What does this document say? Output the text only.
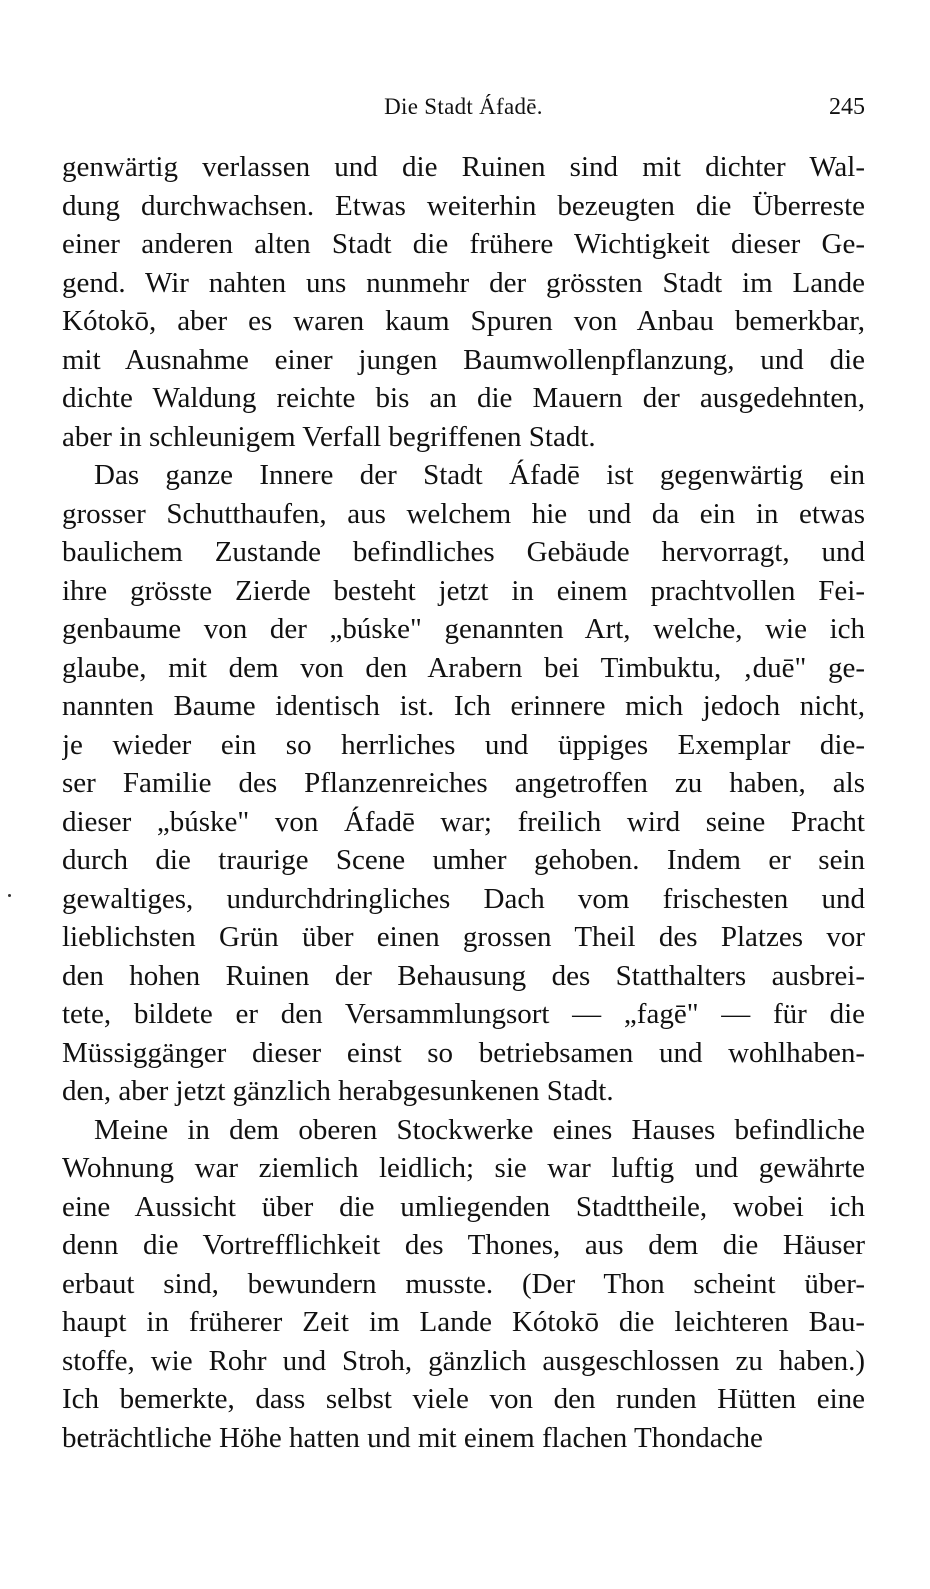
Die Stadt Áfadē.	245
genwärtig verlassen und die Ruinen sind mit dichter Wal-
dung durchwachsen. Etwas weiterhin bezeugten die Überreste
einer anderen alten Stadt die frühere Wichtigkeit dieser Ge-
gend. Wir nahten uns nunmehr der grössten Stadt im Lande
Kótokō, aber es waren kaum Spuren von Anbau bemerkbar,
mit Ausnahme einer jungen Baumwollenpflanzung, und die
dichte Waldung reichte bis an die Mauern der ausgedehnten,
aber in schleunigem Verfall begriffenen Stadt.
Das ganze Innere der Stadt Áfadē ist gegenwärtig ein
grosser Schutthaufen, aus welchem hie und da ein in etwas
baulichem Zustande befindliches Gebäude hervorragt, und
ihre grösste Zierde besteht jetzt in einem prachtvollen Fei-
genbaume von der „búske" genannten Art, welche, wie ich
glaube, mit dem von den Arabern bei Timbuktu, ‚duē" ge-
nannten Baume identisch ist. Ich erinnere mich jedoch nicht,
je wieder ein so herrliches und üppiges Exemplar die-
ser Familie des Pflanzenreiches angetroffen zu haben, als
dieser „búske" von Áfadē war; freilich wird seine Pracht
durch die traurige Scene umher gehoben. Indem er sein
gewaltiges, undurchdringliches Dach vom frischesten und
lieblichsten Grün über einen grossen Theil des Platzes vor
den hohen Ruinen der Behausung des Statthalters ausbrei-
tete, bildete er den Versammlungsort — „fagē" — für die
Müssiggänger dieser einst so betriebsamen und wohlhaben-
den, aber jetzt gänzlich herabgesunkenen Stadt.
Meine in dem oberen Stockwerke eines Hauses befindliche
Wohnung war ziemlich leidlich; sie war luftig und gewährte
eine Aussicht über die umliegenden Stadttheile, wobei ich
denn die Vortrefflichkeit des Thones, aus dem die Häuser
erbaut sind, bewundern musste. (Der Thon scheint über-
haupt in früherer Zeit im Lande Kótokō die leichteren Bau-
stoffe, wie Rohr und Stroh, gänzlich ausgeschlossen zu haben.)
Ich bemerkte, dass selbst viele von den runden Hütten eine
beträchtliche Höhe hatten und mit einem flachen Thondache
